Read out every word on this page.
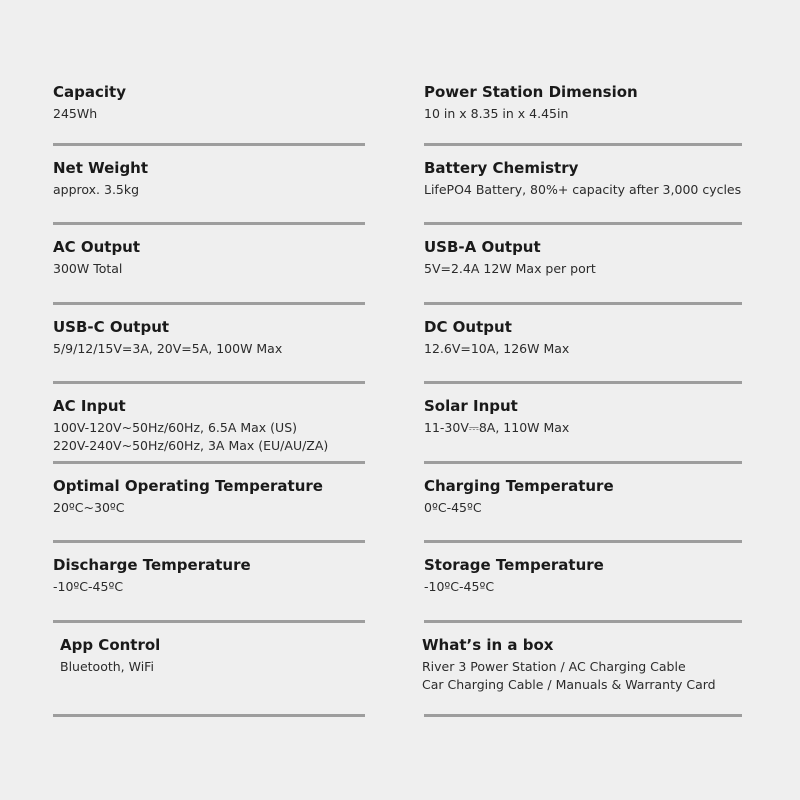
Capacity
245Wh
Power Station Dimension
10 in x 8.35 in x 4.45in
Net Weight
approx. 3.5kg
Battery Chemistry
LifePO4 Battery, 80%+ capacity after 3,000 cycles
AC Output
300W Total
USB-A Output
5V=2.4A 12W Max per port
USB-C Output
5/9/12/15V=3A, 20V=5A, 100W Max
DC Output
12.6V=10A, 126W Max
AC Input
100V-120V~50Hz/60Hz, 6.5A Max (US)
220V-240V~50Hz/60Hz, 3A Max (EU/AU/ZA)
Solar Input
11-30V⎓8A, 110W Max
Optimal Operating Temperature
20ºC~30ºC
Charging Temperature
0ºC-45ºC
Discharge Temperature
-10ºC-45ºC
Storage Temperature
-10ºC-45ºC
App Control
Bluetooth, WiFi
What’s in a box
River 3 Power Station / AC Charging Cable
Car Charging Cable / Manuals & Warranty Card
